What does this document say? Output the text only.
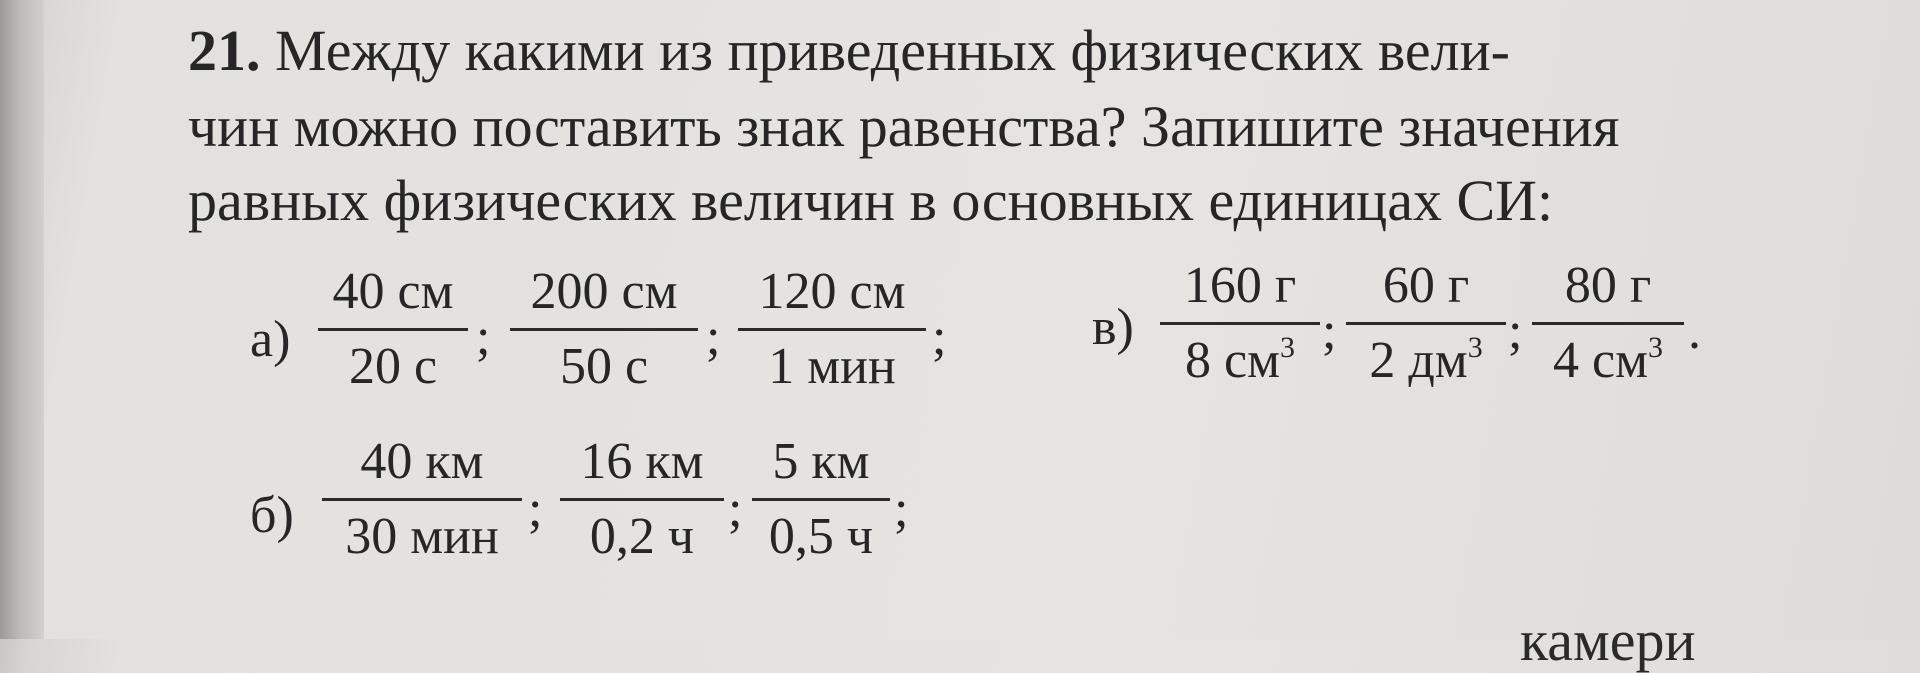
21. Между какими из приведенных физических вели-
чин можно поставить знак равенства? Запишите значения
равных физических величин в основных единицах СИ:
а)
40 см
20 с
;
200 см
50 с
;
120 см
1 мин
;	в)
160 г
8 $см^3$ ;
60 г
2 $дм^3$ ;
80 г
4 $см^3$ .
б)
40 км
30 мин ;
16 км
0,2 ч ;
5 км
0,5 ч ;
камери
